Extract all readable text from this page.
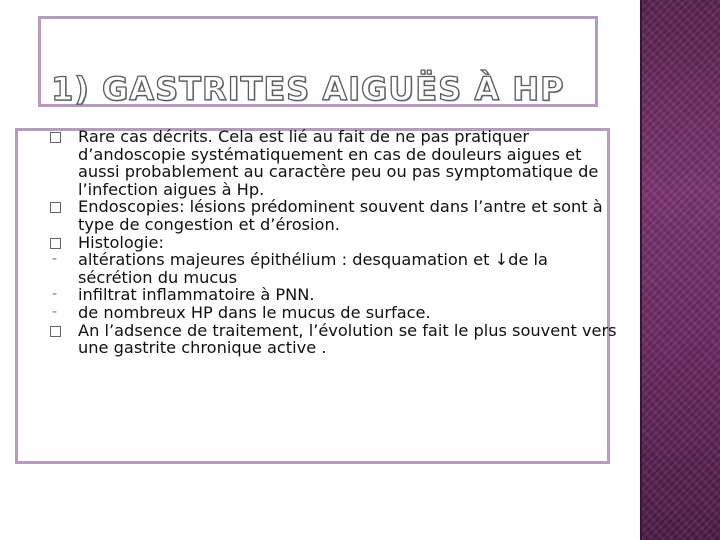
1) GASTRITES AIGUËS À HP

Rare cas décrits. Cela est lié au fait de ne pas pratiquer d’andoscopie systématiquement en cas de douleurs aigues et aussi probablement au caractère peu ou pas symptomatique de l’infection aigues à Hp.

Endoscopies: lésions prédominent souvent dans l’antre et sont à type de congestion et d’érosion.

Histologie:

-	altérations majeures épithélium : desquamation et ↓de la sécrétion du mucus

-	infiltrat inflammatoire à PNN.

-	de nombreux HP dans le mucus de surface.

An l’adsence de traitement, l’évolution se fait le plus souvent vers une gastrite chronique active .
